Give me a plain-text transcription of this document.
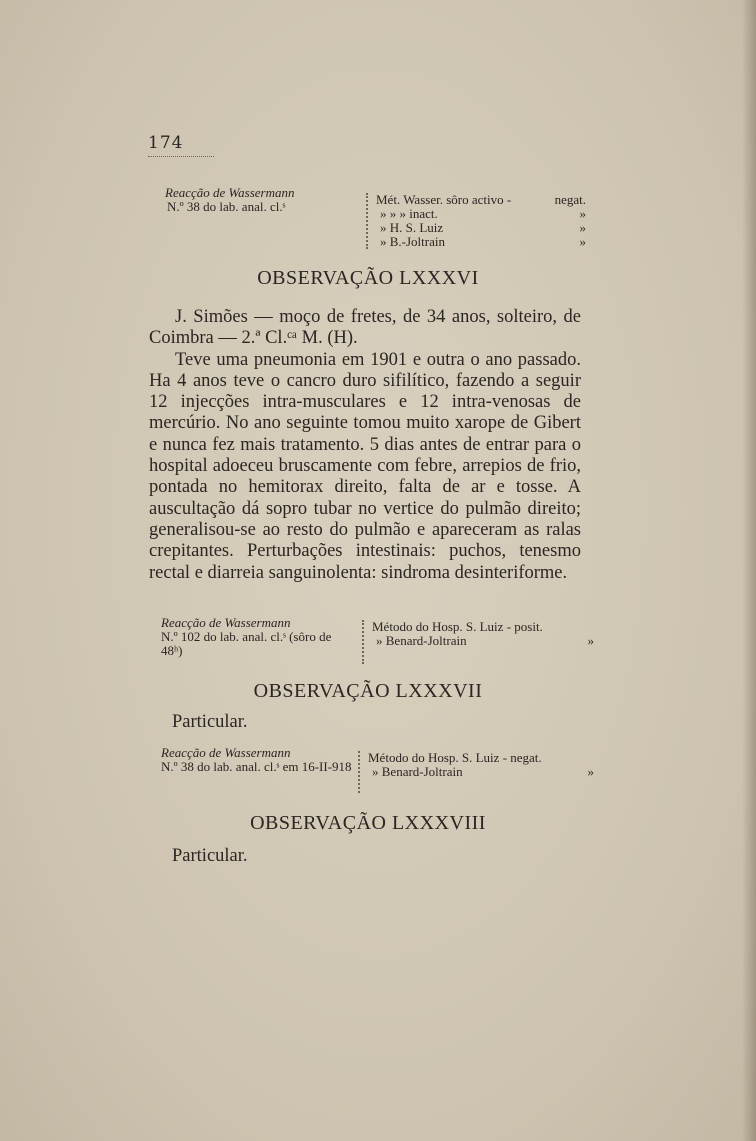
174
Reacção de Wassermann
N.º 38 do lab. anal. cl.ˢ	Mét. Wasser. sôro activo -	negat.
» » » inact.	»
» H. S. Luiz	»
» B.-Joltrain	»
OBSERVAÇÃO LXXXVI

J. Simões — moço de fretes, de 34 anos, solteiro, de Coimbra — 2.ª Cl.ᶜᵃ M. (H).

Teve uma pneumonia em 1901 e outra o ano passado. Ha 4 anos teve o cancro duro sifilítico, fazendo a seguir 12 injecções intra-musculares e 12 intra-venosas de mercúrio. No ano seguinte tomou muito xarope de Gibert e nunca fez mais tratamento. 5 dias antes de entrar para o hospital adoeceu bruscamente com febre, arrepios de frio, pontada no hemitorax direito, falta de ar e tosse. A auscultação dá sopro tubar no vertice do pulmão direito; generalisou-se ao resto do pulmão e apareceram as ralas crepitantes. Perturbações intestinais: puchos, tenesmo rectal e diarreia sanguinolenta: sindroma desinteriforme.

Reacção de Wassermann
N.º 102 do lab. anal. cl.ˢ (sôro de 48ʰ)
Método do Hosp. S. Luiz - posit.
» Benard-Joltrain	»
OBSERVAÇÃO LXXXVII
Particular.
Reacção de Wassermann
N.º 38 do lab. anal. cl.ˢ em 16-II-918
Método do Hosp. S. Luiz - negat.
» Benard-Joltrain	»
OBSERVAÇÃO LXXXVIII
Particular.
